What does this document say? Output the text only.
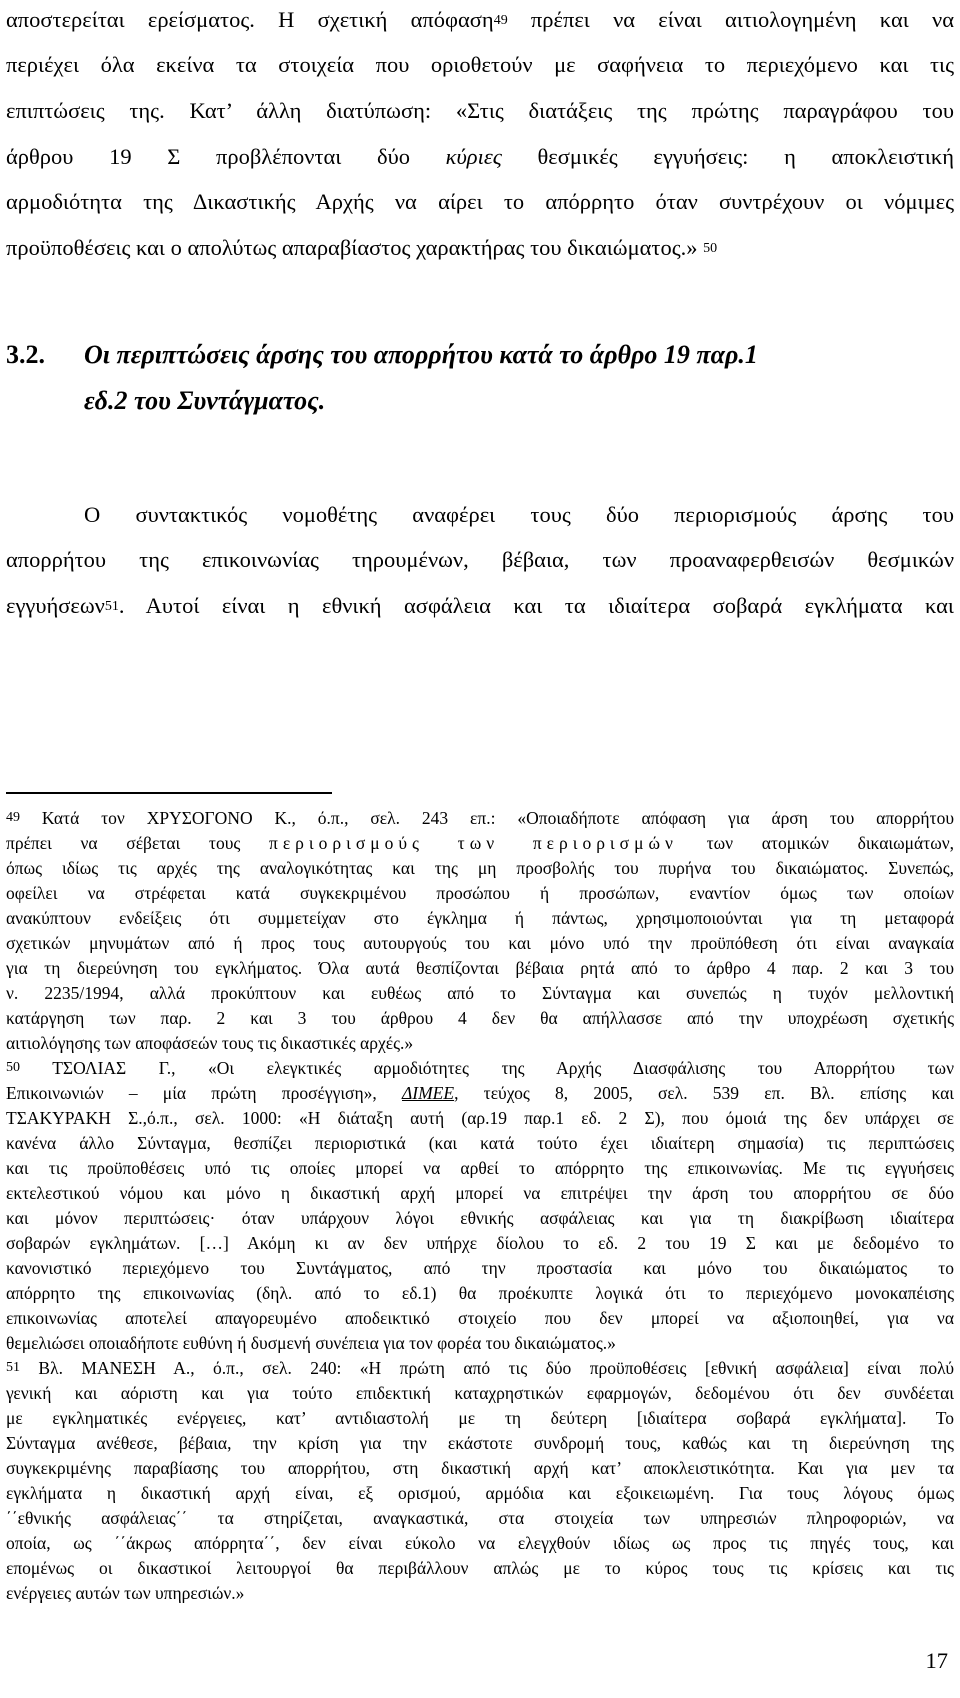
αποστερείται ερείσματος. Η σχετική απόφαση$^{49}$ πρέπει να είναι αιτιολογημένη και να
περιέχει όλα εκείνα τα στοιχεία που οριοθετούν με σαφήνεια το περιεχόμενο και τις
επιπτώσεις της. Κατ’ άλλη διατύπωση: «Στις διατάξεις της πρώτης παραγράφου του
άρθρου 19 Σ προβλέπονται δύο κύριες θεσμικές εγγυήσεις: η αποκλειστική
αρμοδιότητα της Δικαστικής Αρχής να αίρει το απόρρητο όταν συντρέχουν οι νόμιμες
προϋποθέσεις και ο απολύτως απαραβίαστος χαρακτήρας του δικαιώματος.» $^{50}$
3.2. Οι περιπτώσεις άρσης του απορρήτου κατά το άρθρο 19 παρ.1
εδ.2 του Συντάγματος.
Ο συντακτικός νομοθέτης αναφέρει τους δύο περιορισμούς άρσης του
απορρήτου της επικοινωνίας τηρουμένων, βέβαια, των προαναφερθεισών θεσμικών
εγγυήσεων$^{51}$. Αυτοί είναι η εθνική ασφάλεια και τα ιδιαίτερα σοβαρά εγκλήματα και
$^{49}$ Κατά τον ΧΡΥΣΟΓΟΝΟ Κ., ό.π., σελ. 243 επ.: «Οποιαδήποτε απόφαση για άρση του απορρήτου
πρέπει να σέβεται τους περιορισμούς των περιορισμών των ατομικών δικαιωμάτων,
όπως ιδίως τις αρχές της αναλογικότητας και της μη προσβολής του πυρήνα του δικαιώματος. Συνεπώς,
οφείλει να στρέφεται κατά συγκεκριμένου προσώπου ή προσώπων, εναντίον όμως των οποίων
ανακύπτουν ενδείξεις ότι συμμετείχαν στο έγκλημα ή πάντως, χρησιμοποιούνται για τη μεταφορά
σχετικών μηνυμάτων από ή προς τους αυτουργούς του και μόνο υπό την προϋπόθεση ότι είναι αναγκαία
για τη διερεύνηση του εγκλήματος. Όλα αυτά θεσπίζονται βέβαια ρητά από το άρθρο 4 παρ. 2 και 3 του
ν. 2235/1994, αλλά προκύπτουν και ευθέως από το Σύνταγμα και συνεπώς η τυχόν μελλοντική
κατάργηση των παρ. 2 και 3 του άρθρου 4 δεν θα απήλλασσε από την υποχρέωση σχετικής
αιτιολόγησης των αποφάσεών τους τις δικαστικές αρχές.»
$^{50}$ ΤΣΟΛΙΑΣ Γ., «Οι ελεγκτικές αρμοδιότητες της Αρχής Διασφάλισης του Απορρήτου των
Επικοινωνιών – μία πρώτη προσέγγιση», ΔΙΜΕΕ, τεύχος 8, 2005, σελ. 539 επ. Βλ. επίσης και
ΤΣΑΚΥΡΑΚΗ Σ.,ό.π., σελ. 1000: «Η διάταξη αυτή (αρ.19 παρ.1 εδ. 2 Σ), που όμοιά της δεν υπάρχει σε
κανένα άλλο Σύνταγμα, θεσπίζει περιοριστικά (και κατά τούτο έχει ιδιαίτερη σημασία) τις περιπτώσεις
και τις προϋποθέσεις υπό τις οποίες μπορεί να αρθεί το απόρρητο της επικοινωνίας. Με τις εγγυήσεις
εκτελεστικού νόμου και μόνο η δικαστική αρχή μπορεί να επιτρέψει την άρση του απορρήτου σε δύο
και μόνον περιπτώσεις· όταν υπάρχουν λόγοι εθνικής ασφάλειας και για τη διακρίβωση ιδιαίτερα
σοβαρών εγκλημάτων. […] Ακόμη κι αν δεν υπήρχε δίολου το εδ. 2 του 19 Σ και με δεδομένο το
κανονιστικό περιεχόμενο του Συντάγματος, από την προστασία και μόνο του δικαιώματος το
απόρρητο της επικοινωνίας (δηλ. από το εδ.1) θα προέκυπτε λογικά ότι το περιεχόμενο μονοκαπέισης
επικοινωνίας αποτελεί απαγορευμένο αποδεικτικό στοιχείο που δεν μπορεί να αξιοποιηθεί, για να
θεμελιώσει οποιαδήποτε ευθύνη ή δυσμενή συνέπεια για τον φορέα του δικαιώματος.»
$^{51}$ Βλ. ΜΑΝΕΣΗ Α., ό.π., σελ. 240: «Η πρώτη από τις δύο προϋποθέσεις [εθνική ασφάλεια] είναι πολύ
γενική και αόριστη και για τούτο επιδεκτική καταχρηστικών εφαρμογών, δεδομένου ότι δεν συνδέεται
με εγκληματικές ενέργειες, κατ’ αντιδιαστολή με τη δεύτερη [ιδιαίτερα σοβαρά εγκλήματα]. Το
Σύνταγμα ανέθεσε, βέβαια, την κρίση για την εκάστοτε συνδρομή τους, καθώς και τη διερεύνηση της
συγκεκριμένης παραβίασης του απορρήτου, στη δικαστική αρχή κατ’ αποκλειστικότητα. Και για μεν τα
εγκλήματα η δικαστική αρχή είναι, εξ ορισμού, αρμόδια και εξοικειωμένη. Για τους λόγους όμως
΄΄εθνικής ασφάλειας΄΄ τα στηρίζεται, αναγκαστικά, στα στοιχεία των υπηρεσιών πληροφοριών, να
οποία, ως ΄΄άκρως απόρρητα΄΄, δεν είναι εύκολο να ελεγχθούν ιδίως ως προς τις πηγές τους, και
επομένως οι δικαστικοί λειτουργοί θα περιβάλλουν απλώς με το κύρος τους τις κρίσεις και τις
ενέργειες αυτών των υπηρεσιών.»
17
